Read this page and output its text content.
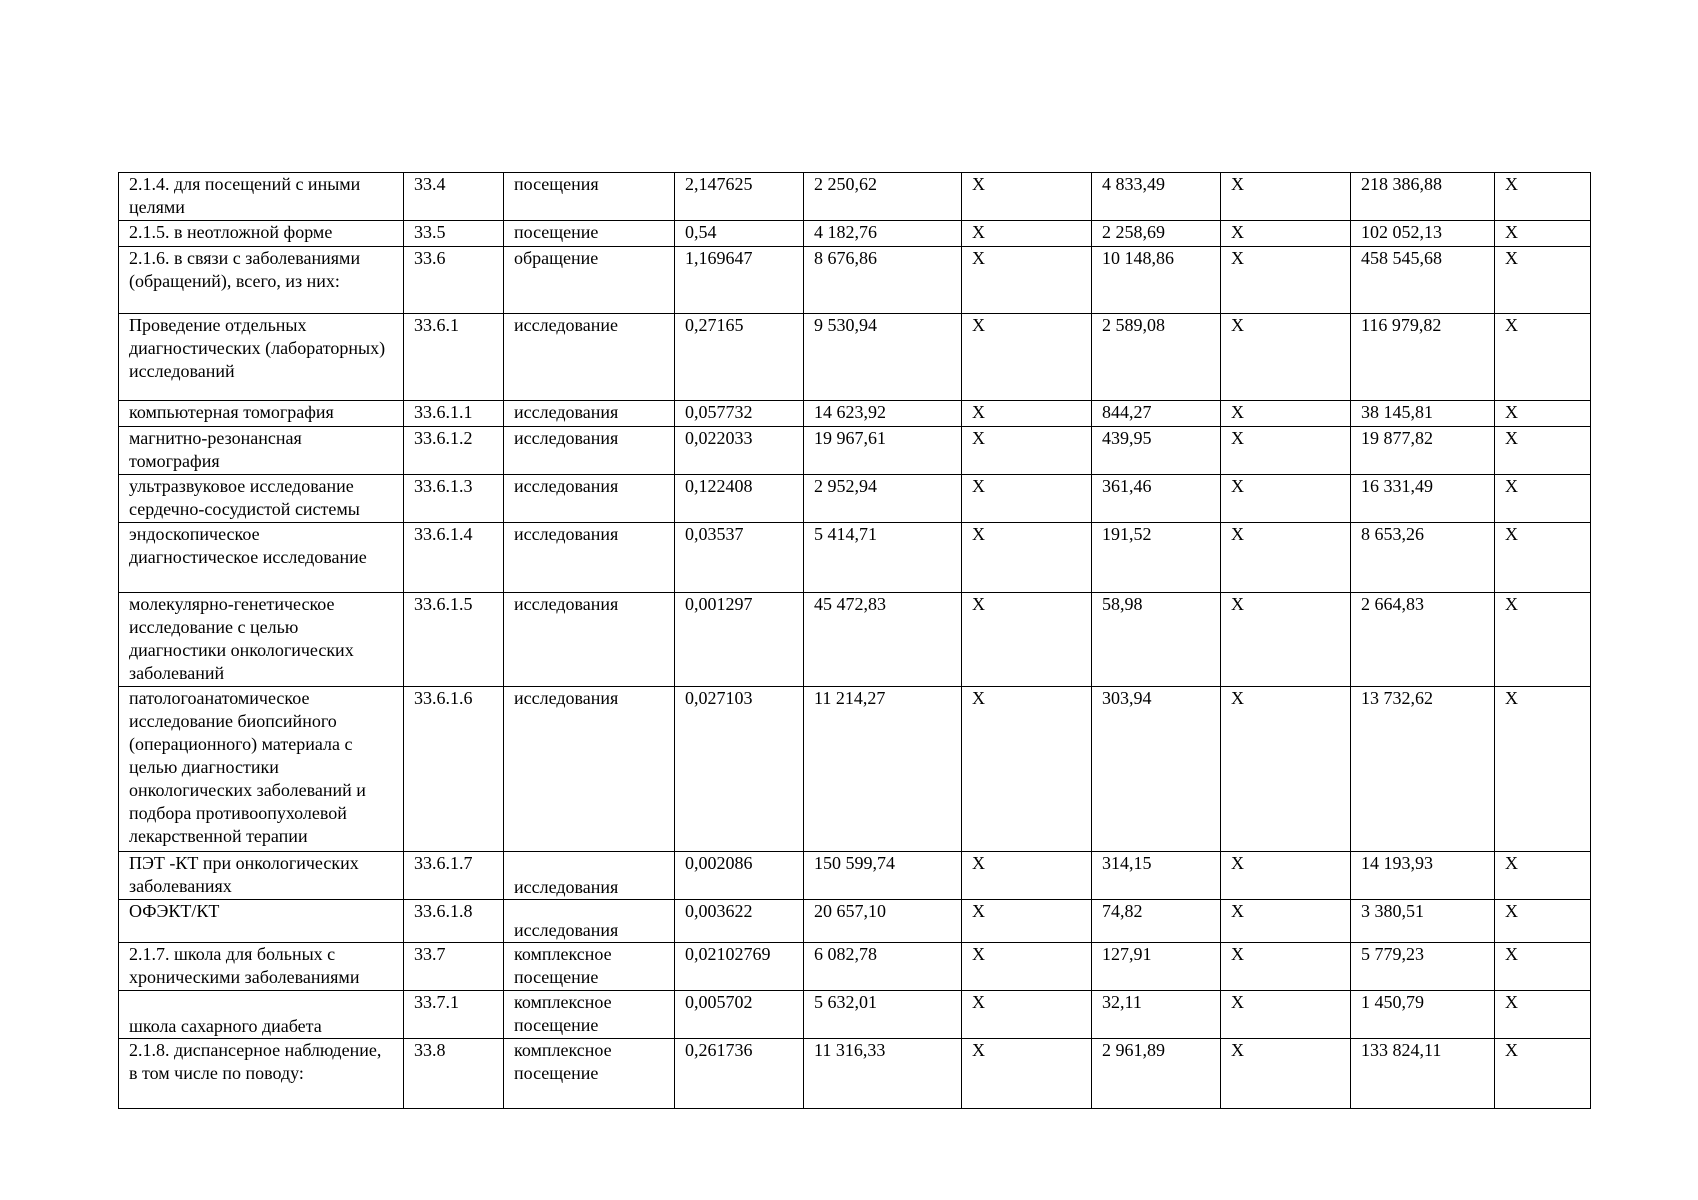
2.1.4. для посещений с иными целями	33.4	посещения	2,147625	2 250,62	X	4 833,49	X	218 386,88	X
2.1.5. в неотложной форме	33.5	посещение	0,54	4 182,76	X	2 258,69	X	102 052,13	X
2.1.6. в связи с заболеваниями (обращений), всего, из них:	33.6	обращение	1,169647	8 676,86	X	10 148,86	X	458 545,68	X
Проведение отдельных диагностических (лабораторных) исследований	33.6.1	исследование	0,27165	9 530,94	X	2 589,08	X	116 979,82	X
компьютерная томография	33.6.1.1	исследования	0,057732	14 623,92	X	844,27	X	38 145,81	X
магнитно-резонансная томография	33.6.1.2	исследования	0,022033	19 967,61	X	439,95	X	19 877,82	X
ультразвуковое исследование сердечно-сосудистой системы	33.6.1.3	исследования	0,122408	2 952,94	X	361,46	X	16 331,49	X
эндоскопическое диагностическое исследование	33.6.1.4	исследования	0,03537	5 414,71	X	191,52	X	8 653,26	X
молекулярно-генетическое исследование с целью диагностики онкологических заболеваний	33.6.1.5	исследования	0,001297	45 472,83	X	58,98	X	2 664,83	X
патологоанатомическое исследование биопсийного (операционного) материала с целью диагностики онкологических заболеваний и подбора противоопухолевой лекарственной терапии	33.6.1.6	исследования	0,027103	11 214,27	X	303,94	X	13 732,62	X
ПЭТ -КТ при онкологических заболеваниях	33.6.1.7	исследования	0,002086	150 599,74	X	314,15	X	14 193,93	X
ОФЭКТ/КТ	33.6.1.8	исследования	0,003622	20 657,10	X	74,82	X	3 380,51	X
2.1.7. школа для больных с хроническими заболеваниями	33.7	комплексное посещение	0,02102769	6 082,78	X	127,91	X	5 779,23	X
школа сахарного диабета	33.7.1	комплексное посещение	0,005702	5 632,01	X	32,11	X	1 450,79	X
2.1.8. диспансерное наблюдение, в том числе по поводу:	33.8	комплексное посещение	0,261736	11 316,33	X	2 961,89	X	133 824,11	X
